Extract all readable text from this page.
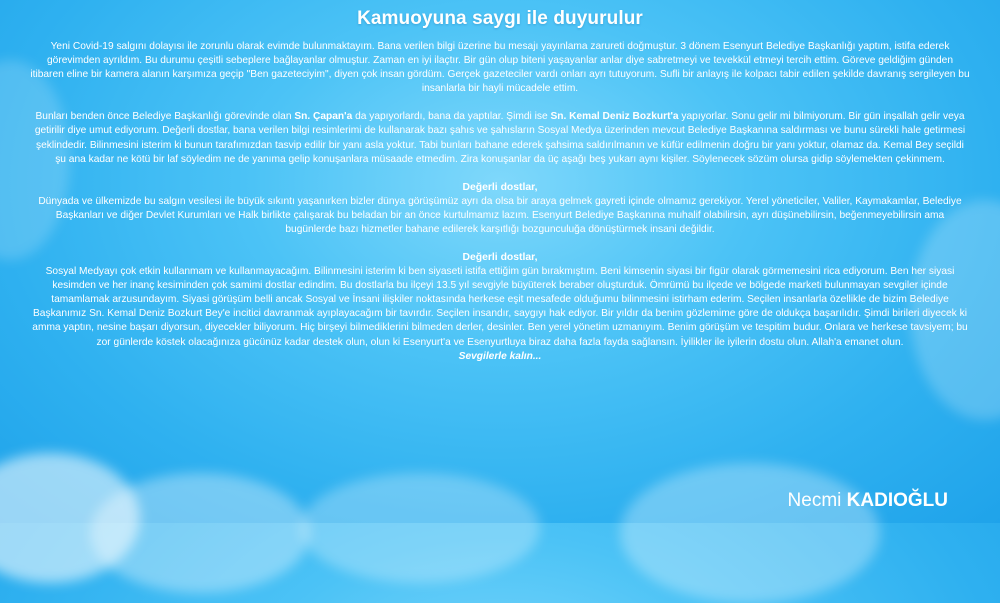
Kamuoyuna saygı ile duyurulur

Yeni Covid-19 salgını dolayısı ile zorunlu olarak evimde bulunmaktayım. Bana verilen bilgi üzerine bu mesajı yayınlama zarureti doğmuştur. 3 dönem Esenyurt Belediye Başkanlığı yaptım, istifa ederek görevimden ayrıldım. Bu durumu çeşitli sebeplere bağlayanlar olmuştur. Zaman en iyi ilaçtır. Bir gün olup biteni yaşayanlar anlar diye sabretmeyi ve tevekkül etmeyi tercih ettim. Göreve geldiğim günden itibaren eline bir kamera alanın karşımıza geçip "Ben gazeteciyim", diyen çok insan gördüm. Gerçek gazeteciler vardı onları ayrı tutuyorum. Sufli bir anlayış ile kolpacı tabir edilen şekilde davranış sergileyen bu insanlarla bir hayli mücadele ettim.

Bunları benden önce Belediye Başkanlığı görevinde olan Sn. Çapan'a da yapıyorlardı, bana da yaptılar. Şimdi ise Sn. Kemal Deniz Bozkurt'a yapıyorlar. Sonu gelir mi bilmiyorum. Bir gün inşallah gelir veya getirilir diye umut ediyorum. Değerli dostlar, bana verilen bilgi resimlerimi de kullanarak bazı şahıs ve şahısların Sosyal Medya üzerinden mevcut Belediye Başkanına saldırması ve bunu sürekli hale getirmesi şeklindedir. Bilinmesini isterim ki bunun tarafımızdan tasvip edilir bir yanı asla yoktur. Tabi bunları bahane ederek şahsima saldırılmanın ve küfür edilmenin doğru bir yanı yoktur, olamaz da. Kemal Bey seçildi şu ana kadar ne kötü bir laf söyledim ne de yanıma gelip konuşanlara müsaade etmedim. Zira konuşanlar da üç aşağı beş yukarı aynı kişiler. Söylenecek sözüm olursa gidip söylemekten çekinmem.

Değerli dostlar,

Dünyada ve ülkemizde bu salgın vesilesi ile büyük sıkıntı yaşanırken bizler dünya görüşümüz ayrı da olsa bir araya gelmek gayreti içinde olmamız gerekiyor. Yerel yöneticiler, Valiler, Kaymakamlar, Belediye Başkanları ve diğer Devlet Kurumları ve Halk birlikte çalışarak bu beladan bir an önce kurtulmamız lazım. Esenyurt Belediye Başkanına muhalif olabilirsin, ayrı düşünebilirsin, beğenmeyebilirsin ama bugünlerde bazı hizmetler bahane edilerek karşıtlığı bozgunculuğa dönüştürmek insani değildir.

Değerli dostlar,

Sosyal Medyayı çok etkin kullanmam ve kullanmayacağım. Bilinmesini isterim ki ben siyaseti istifa ettiğim gün bırakmıştım. Beni kimsenin siyasi bir figür olarak görmemesini rica ediyorum. Ben her siyasi kesimden ve her inanç kesiminden çok samimi dostlar edindim. Bu dostlarla bu ilçeyi 13.5 yıl sevgiyle büyüterek beraber oluşturduk. Ömrümü bu ilçede ve bölgede marketi bulunmayan sevgiler içinde tamamlamak arzusundayım. Siyasi görüşüm belli ancak Sosyal ve İnsani ilişkiler noktasında herkese eşit mesafede olduğumu bilinmesini istirham ederim. Seçilen insanlarla özellikle de bizim Belediye Başkanımız Sn. Kemal Deniz Bozkurt Bey'e incitici davranmak ayıplayacağım bir tavırdır. Seçilen insandır, saygıyı hak ediyor. Bir yıldır da benim gözlemime göre de oldukça başarılıdır. Şimdi birileri diyecek ki amma yaptın, nesine başarı diyorsun, diyecekler biliyorum. Hiç birşeyi bilmediklerini bilmeden derler, desinler. Ben yerel yönetim uzmanıyım. Benim görüşüm ve tespitim budur. Onlara ve herkese tavsiyem; bu zor günlerde köstek olacağınıza gücünüz kadar destek olun, olun ki Esenyurt'a ve Esenyurtluya biraz daha fazla fayda sağlansın. İyilikler ile iyilerin dostu olun. Allah'a emanet olun.

Sevgilerle kalın...
Necmi KADIOĞLU
